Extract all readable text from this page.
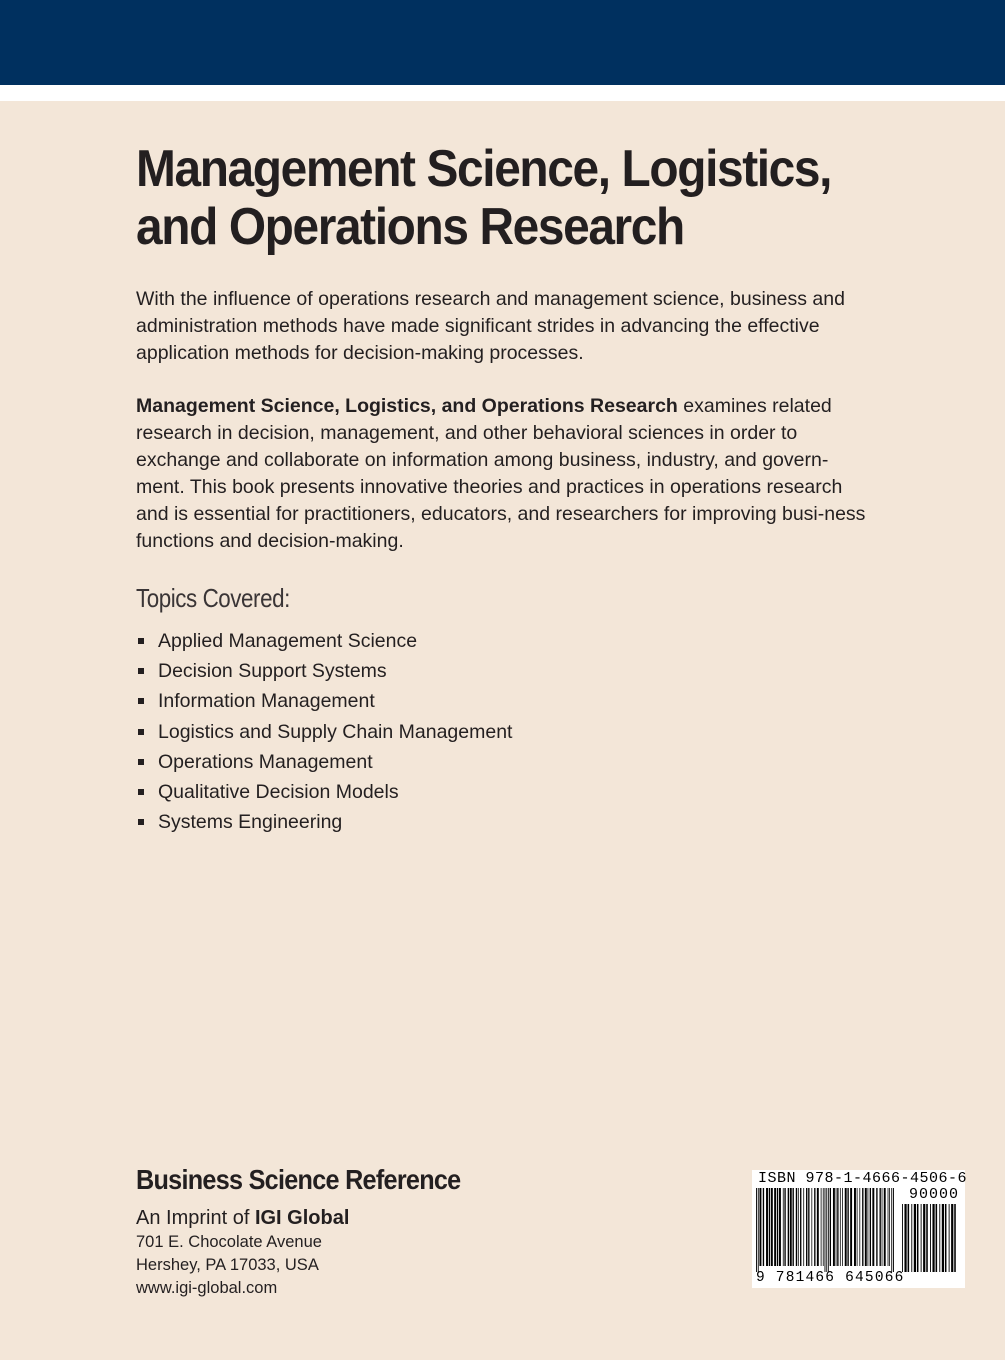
Management Science, Logistics, and Operations Research

With the influence of operations research and management science, business and administration methods have made significant strides in advancing the effective application methods for decision-making processes.

Management Science, Logistics, and Operations Research examines related research in decision, management, and other behavioral sciences in order to exchange and collaborate on information among business, industry, and govern-ment. This book presents innovative theories and practices in operations research and is essential for practitioners, educators, and researchers for improving busi-ness functions and decision-making.

Topics Covered:
Applied Management Science
Decision Support Systems
Information Management
Logistics and Supply Chain Management
Operations Management
Qualitative Decision Models
Systems Engineering
Business Science Reference
An Imprint of IGI Global
701 E. Chocolate Avenue
Hershey, PA 17033, USA
www.igi-global.com
ISBN 978-1-4666-4506-6
90000
9 781466 645066
